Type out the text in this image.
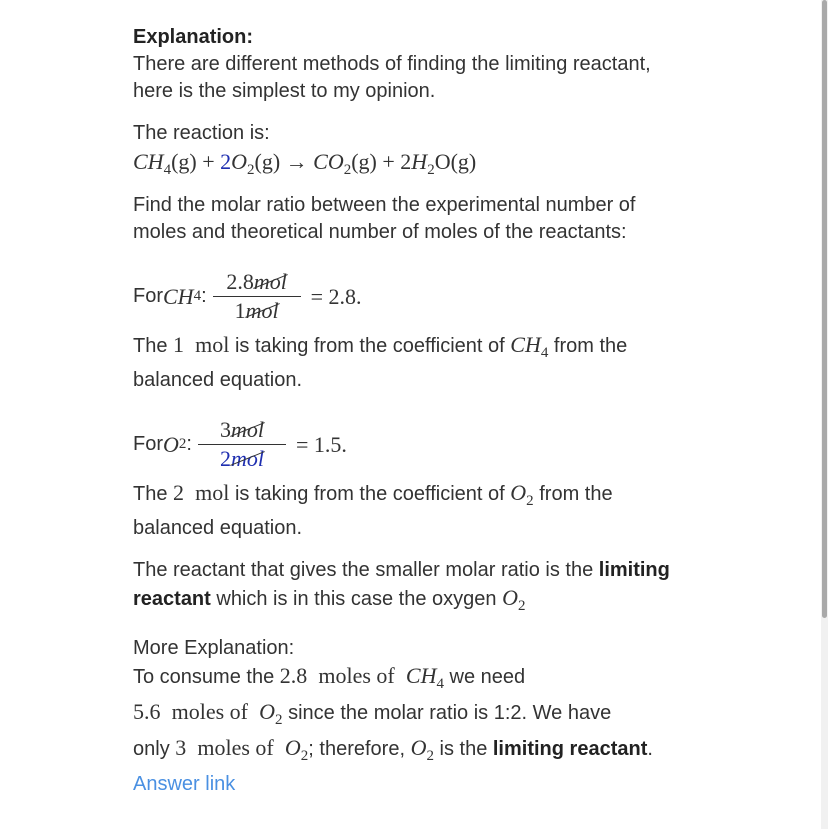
Explanation:

There are different methods of finding the limiting reactant, here is the simplest to my opinion.

The reaction is:

$CH_4(g) + 2O_2(g) \to CO_2(g) + 2H_2O(g)$

Find the molar ratio between the experimental number of moles and theoretical number of moles of the reactants:

For CH 4 : $\frac{\text{2.8mol}}{\text{1mol}} = 2.8$.

The 1 mol is taking from the coefficient of $CH_4$ from the balanced equation.

For O 2 : $\frac{\text{3mol}}{\text{2mol}} = 1.5$.

The 2 mol is taking from the coefficient of $O_2$ from the balanced equation.

The reactant that gives the smaller molar ratio is the limiting reactant which is in this case the oxygen $O_2$

More Explanation:

To consume the 2.8 moles of $CH_4$ we need
5.6 moles of $O_2$ since the molar ratio is 1:2. We have
only 3 moles of $O_2$; therefore, $O_2$ is the limiting reactant.

Answer link
